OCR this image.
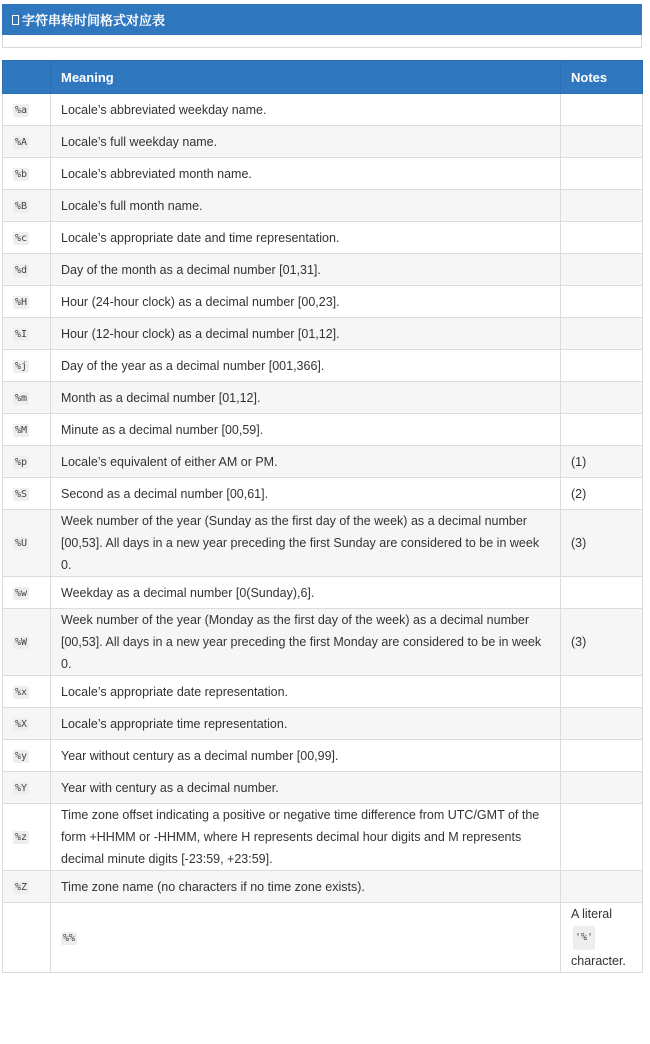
字符串转时间格式对应表
	Meaning	Notes
%a	Locale’s abbreviated weekday name.	
%A	Locale’s full weekday name.	
%b	Locale’s abbreviated month name.	
%B	Locale’s full month name.	
%c	Locale’s appropriate date and time representation.	
%d	Day of the month as a decimal number [01,31].	
%H	Hour (24-hour clock) as a decimal number [00,23].	
%I	Hour (12-hour clock) as a decimal number [01,12].	
%j	Day of the year as a decimal number [001,366].	
%m	Month as a decimal number [01,12].	
%M	Minute as a decimal number [00,59].	
%p	Locale’s equivalent of either AM or PM.	(1)
%S	Second as a decimal number [00,61].	(2)
%U	Week number of the year (Sunday as the first day of the week) as a decimal number [00,53]. All days in a new year preceding the first Sunday are considered to be in week 0.	(3)
%w	Weekday as a decimal number [0(Sunday),6].	
%W	Week number of the year (Monday as the first day of the week) as a decimal number [00,53]. All days in a new year preceding the first Monday are considered to be in week 0.	(3)
%x	Locale’s appropriate date representation.	
%X	Locale’s appropriate time representation.	
%y	Year without century as a decimal number [00,99].	
%Y	Year with century as a decimal number.	
%z	Time zone offset indicating a positive or negative time difference from UTC/GMT of the form +HHMM or -HHMM, where H represents decimal hour digits and M represents decimal minute digits [-23:59, +23:59].	
%Z	Time zone name (no characters if no time zone exists).	
	%%	A literal
'%'
character.
